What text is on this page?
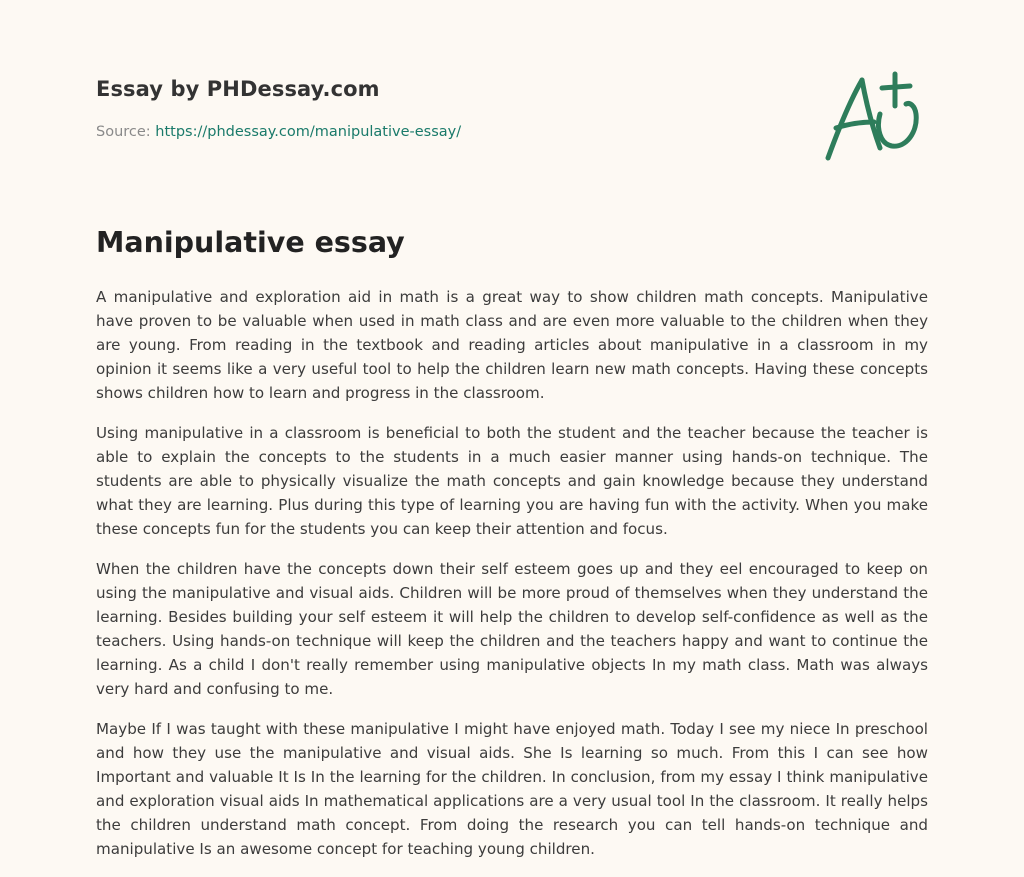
Essay by PHDessay.com
Source: https://phdessay.com/manipulative-essay/
Manipulative essay

A manipulative and exploration aid in math is a great way to show children math concepts. Manipulative have proven to be valuable when used in math class and are even more valuable to the children when they are young. From reading in the textbook and reading articles about manipulative in a classroom in my opinion it seems like a very useful tool to help the children learn new math concepts. Having these concepts shows children how to learn and progress in the classroom.

Using manipulative in a classroom is beneficial to both the student and the teacher because the teacher is able to explain the concepts to the students in a much easier manner using hands-on technique. The students are able to physically visualize the math concepts and gain knowledge because they understand what they are learning. Plus during this type of learning you are having fun with the activity. When you make these concepts fun for the students you can keep their attention and focus.

When the children have the concepts down their self esteem goes up and they eel encouraged to keep on using the manipulative and visual aids. Children will be more proud of themselves when they understand the learning. Besides building your self esteem it will help the children to develop self-confidence as well as the teachers. Using hands-on technique will keep the children and the teachers happy and want to continue the learning. As a child I don't really remember using manipulative objects In my math class. Math was always very hard and confusing to me.

Maybe If I was taught with these manipulative I might have enjoyed math. Today I see my niece In preschool and how they use the manipulative and visual aids. She Is learning so much. From this I can see how Important and valuable It Is In the learning for the children. In conclusion, from my essay I think manipulative and exploration visual aids In mathematical applications are a very usual tool In the classroom. It really helps the children understand math concept. From doing the research you can tell hands-on technique and manipulative Is an awesome concept for teaching young children.
